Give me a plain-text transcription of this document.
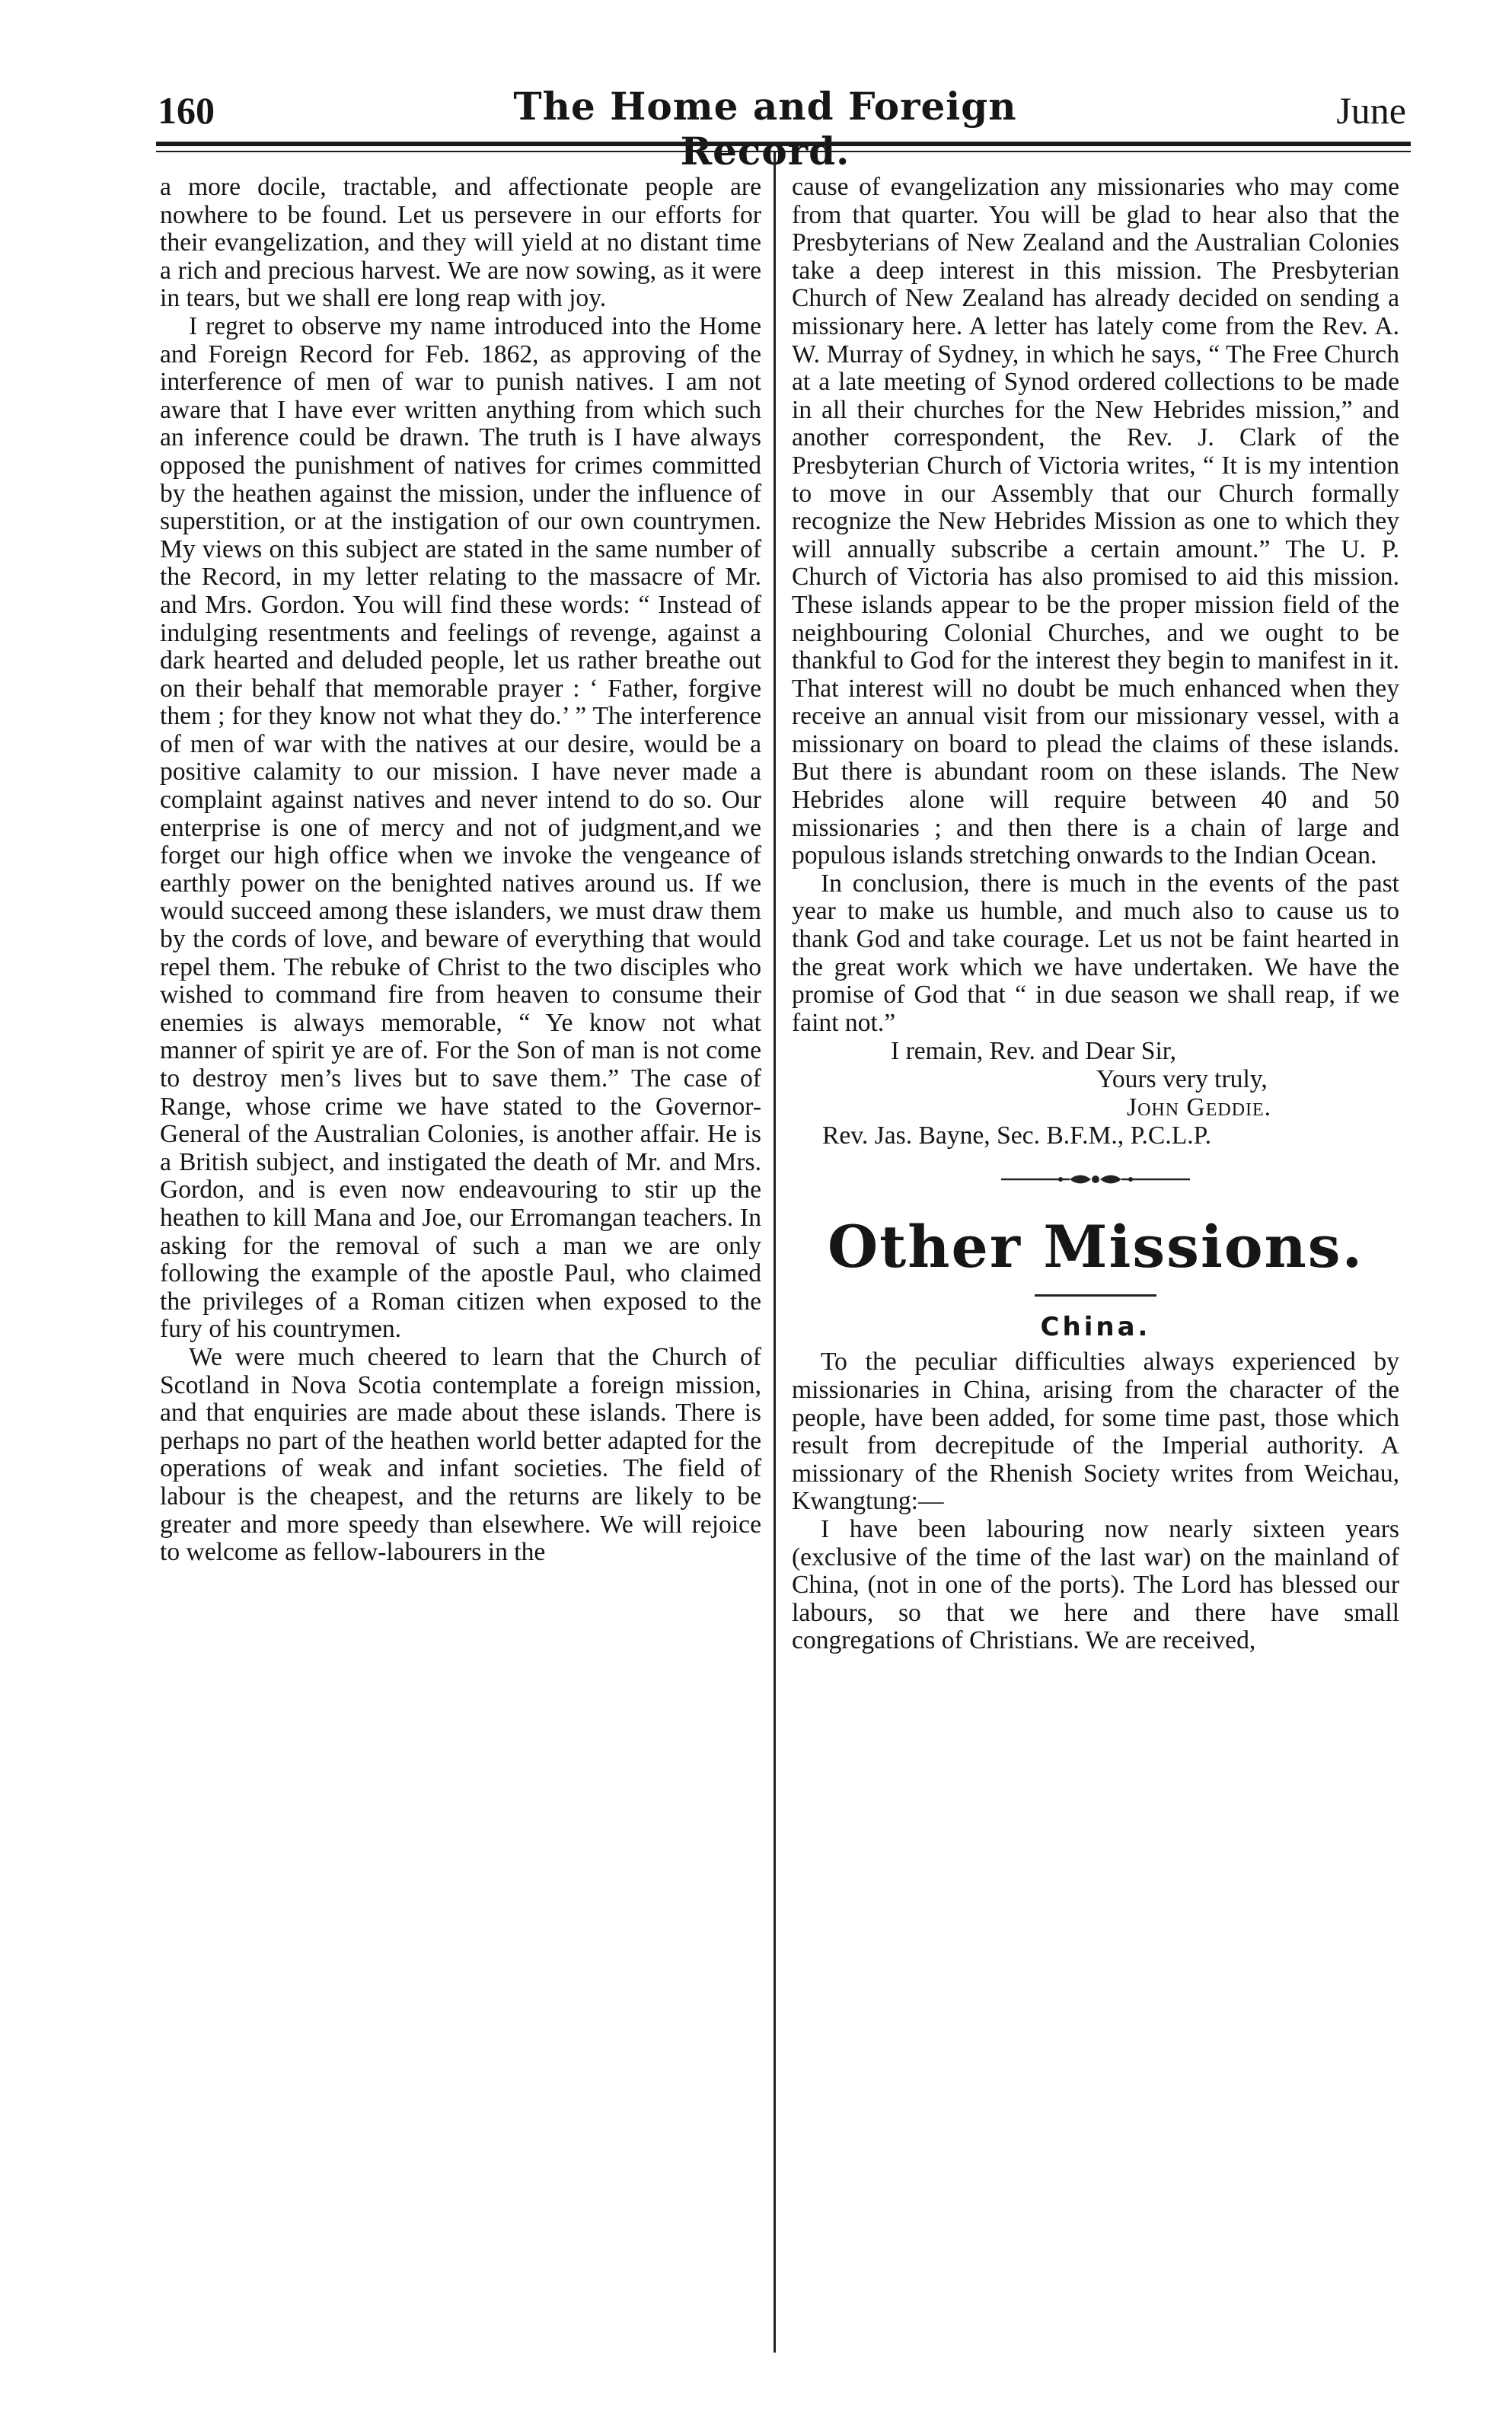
160	The Home and Foreign Record.
June

a more docile, tractable, and affectionate people are nowhere to be found. Let us persevere in our efforts for their evangelization, and they will yield at no distant time a rich and precious harvest. We are now sowing, as it were in tears, but we shall ere long reap with joy.

I regret to observe my name introduced into the Home and Foreign Record for Feb. 1862, as approving of the interference of men of war to punish natives. I am not aware that I have ever written anything from which such an inference could be drawn. The truth is I have always opposed the punishment of natives for crimes committed by the heathen against the mission, under the influence of superstition, or at the instigation of our own countrymen. My views on this subject are stated in the same number of the Record, in my letter relating to the massacre of Mr. and Mrs. Gordon. You will find these words: “ Instead of indulging resentments and feelings of revenge, against a dark hearted and deluded people, let us rather breathe out on their behalf that memorable prayer : ‘ Father, forgive them ; for they know not what they do.’ ” The interference of men of war with the natives at our desire, would be a positive calamity to our mission. I have never made a complaint against natives and never intend to do so. Our enterprise is one of mercy and not of judgment,and we forget our high office when we invoke the vengeance of earthly power on the benighted natives around us. If we would succeed among these islanders, we must draw them by the cords of love, and beware of everything that would repel them. The rebuke of Christ to the two disciples who wished to command fire from heaven to consume their enemies is always memorable, “ Ye know not what manner of spirit ye are of. For the Son of man is not come to destroy men’s lives but to save them.” The case of Range, whose crime we have stated to the Governor-General of the Australian Colonies, is another affair. He is a British subject, and instigated the death of Mr. and Mrs. Gordon, and is even now endeavouring to stir up the heathen to kill Mana and Joe, our Erromangan teachers. In asking for the removal of such a man we are only following the example of the apostle Paul, who claimed the privileges of a Roman citizen when exposed to the fury of his countrymen.

We were much cheered to learn that the Church of Scotland in Nova Scotia contemplate a foreign mission, and that enquiries are made about these islands. There is perhaps no part of the heathen world better adapted for the operations of weak and infant societies. The field of labour is the cheapest, and the returns are likely to be greater and more speedy than elsewhere. We will rejoice to welcome as fellow-labourers in the

cause of evangelization any missionaries who may come from that quarter. You will be glad to hear also that the Presbyterians of New Zealand and the Australian Colonies take a deep interest in this mission. The Presbyterian Church of New Zealand has already decided on sending a missionary here. A letter has lately come from the Rev. A. W. Murray of Sydney, in which he says, “ The Free Church at a late meeting of Synod ordered collections to be made in all their churches for the New Hebrides mission,” and another correspondent, the Rev. J. Clark of the Presbyterian Church of Victoria writes, “ It is my intention to move in our Assembly that our Church formally recognize the New Hebrides Mission as one to which they will annually subscribe a certain amount.” The U. P. Church of Victoria has also promised to aid this mission. These islands appear to be the proper mission field of the neighbouring Colonial Churches, and we ought to be thankful to God for the interest they begin to manifest in it. That interest will no doubt be much enhanced when they receive an annual visit from our missionary vessel, with a missionary on board to plead the claims of these islands. But there is abundant room on these islands. The New Hebrides alone will require between 40 and 50 missionaries ; and then there is a chain of large and populous islands stretching onwards to the Indian Ocean.

In conclusion, there is much in the events of the past year to make us humble, and much also to cause us to thank God and take courage. Let us not be faint hearted in the great work which we have undertaken. We have the promise of God that “ in due season we shall reap, if we faint not.”

I remain, Rev. and Dear Sir,
Yours very truly,
John Geddie.
Rev. Jas. Bayne, Sec. B.F.M., P.C.L.P.
Other Missions.
China.

To the peculiar difficulties always experienced by missionaries in China, arising from the character of the people, have been added, for some time past, those which result from decrepitude of the Imperial authority. A missionary of the Rhenish Society writes from Weichau, Kwangtung:—

I have been labouring now nearly sixteen years (exclusive of the time of the last war) on the mainland of China, (not in one of the ports). The Lord has blessed our labours, so that we here and there have small congregations of Christians. We are received,
